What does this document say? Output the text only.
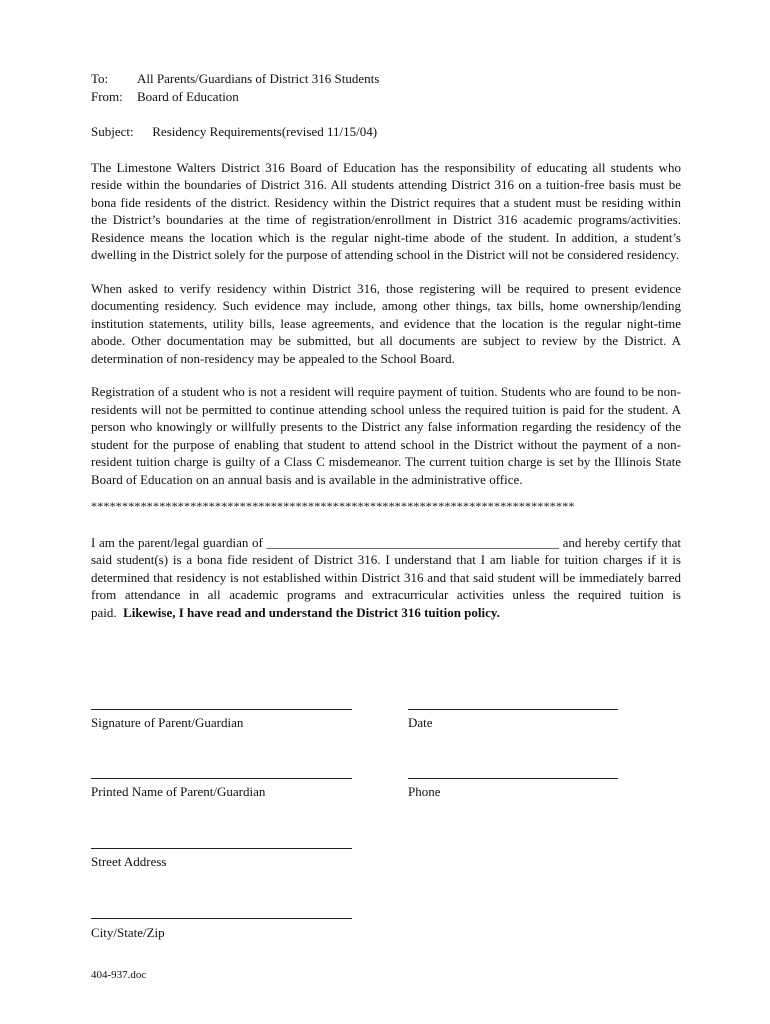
To:	All Parents/Guardians of District 316 Students
From:	Board of Education
Subject: Residency Requirements(revised 11/15/04)

The Limestone Walters District 316 Board of Education has the responsibility of educating all students who reside within the boundaries of District 316. All students attending District 316 on a tuition-free basis must be bona fide residents of the district. Residency within the District requires that a student must be residing within the District’s boundaries at the time of registration/enrollment in District 316 academic programs/activities. Residence means the location which is the regular night-time abode of the student. In addition, a student’s dwelling in the District solely for the purpose of attending school in the District will not be considered residency.

When asked to verify residency within District 316, those registering will be required to present evidence documenting residency. Such evidence may include, among other things, tax bills, home ownership/lending institution statements, utility bills, lease agreements, and evidence that the location is the regular night-time abode. Other documentation may be submitted, but all documents are subject to review by the District. A determination of non-residency may be appealed to the School Board.

Registration of a student who is not a resident will require payment of tuition. Students who are found to be non-residents will not be permitted to continue attending school unless the required tuition is paid for the student. A person who knowingly or willfully presents to the District any false information regarding the residency of the student for the purpose of enabling that student to attend school in the District without the payment of a non-resident tuition charge is guilty of a Class C misdemeanor. The current tuition charge is set by the Illinois State Board of Education on an annual basis and is available in the administrative office.

******************************************************************************

I am the parent/legal guardian of _____________________________________________ and hereby certify that said student(s) is a bona fide resident of District 316. I understand that I am liable for tuition charges if it is determined that residency is not established within District 316 and that said student will be immediately barred from attendance in all academic programs and extracurricular activities unless the required tuition is paid. Likewise, I have read and understand the District 316 tuition policy.

Signature of Parent/Guardian	Date
Printed Name of Parent/Guardian	Phone
Street Address
City/State/Zip
404-937.doc
